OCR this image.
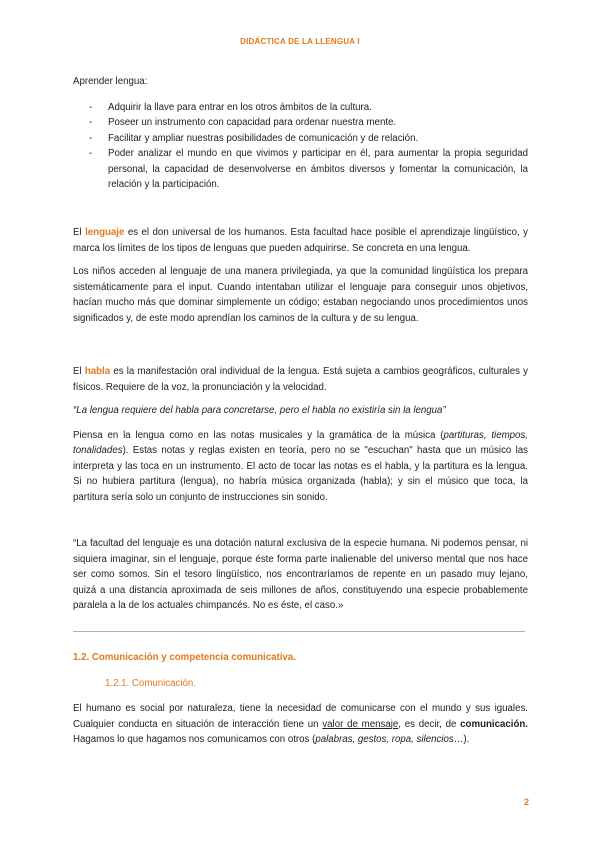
DIDÁCTICA DE LA LLENGUA I

Aprender lengua:

- Adquirir la llave para entrar en los otros ámbitos de la cultura.
- Poseer un instrumento con capacidad para ordenar nuestra mente.
- Facilitar y ampliar nuestras posibilidades de comunicación y de relación.
- Poder analizar el mundo en que vivimos y participar en él, para aumentar la propia seguridad personal, la capacidad de desenvolverse en ámbitos diversos y fomentar la comunicación, la relación y la participación.

El lenguaje es el don universal de los humanos. Esta facultad hace posible el aprendizaje lingüístico, y marca los límites de los tipos de lenguas que pueden adquirirse. Se concreta en una lengua.

Los niños acceden al lenguaje de una manera privilegiada, ya que la comunidad lingüística los prepara sistemáticamente para el input. Cuando intentaban utilizar el lenguaje para conseguir unos objetivos, hacían mucho más que dominar simplemente un código; estaban negociando unos procedimientos unos significados y, de este modo aprendían los caminos de la cultura y de su lengua.

El habla es la manifestación oral individual de la lengua. Está sujeta a cambios geográficos, culturales y físicos. Requiere de la voz, la pronunciación y la velocidad.

“La lengua requiere del habla para concretarse, pero el habla no existiría sin la lengua”

Piensa en la lengua como en las notas musicales y la gramática de la música (partituras, tiempos, tonalidades). Estas notas y reglas existen en teoría, pero no se "escuchan" hasta que un músico las interpreta y las toca en un instrumento. El acto de tocar las notas es el habla, y la partitura es la lengua. Si no hubiera partitura (lengua), no habría música organizada (habla); y sin el músico que toca, la partitura sería solo un conjunto de instrucciones sin sonido.

“La facultad del lenguaje es una dotación natural exclusiva de la especie humana. Ni podemos pensar, ni siquiera imaginar, sin el lenguaje, porque éste forma parte inalienable del universo mental que nos hace ser como somos. Sin el tesoro lingüístico, nos encontraríamos de repente en un pasado muy lejano, quizá a una distancia aproximada de seis millones de años, constituyendo una especie probablemente paralela a la de los actuales chimpancés. No es éste, el caso.»

1.2. Comunicación y competencia comunicativa.

1.2.1. Comunicación.

El humano es social por naturaleza, tiene la necesidad de comunicarse con el mundo y sus iguales. Cualquier conducta en situación de interacción tiene un valor de mensaje, es decir, de comunicación. Hagamos lo que hagamos nos comunicamos con otros (palabras, gestos, ropa, silencios…).

2
